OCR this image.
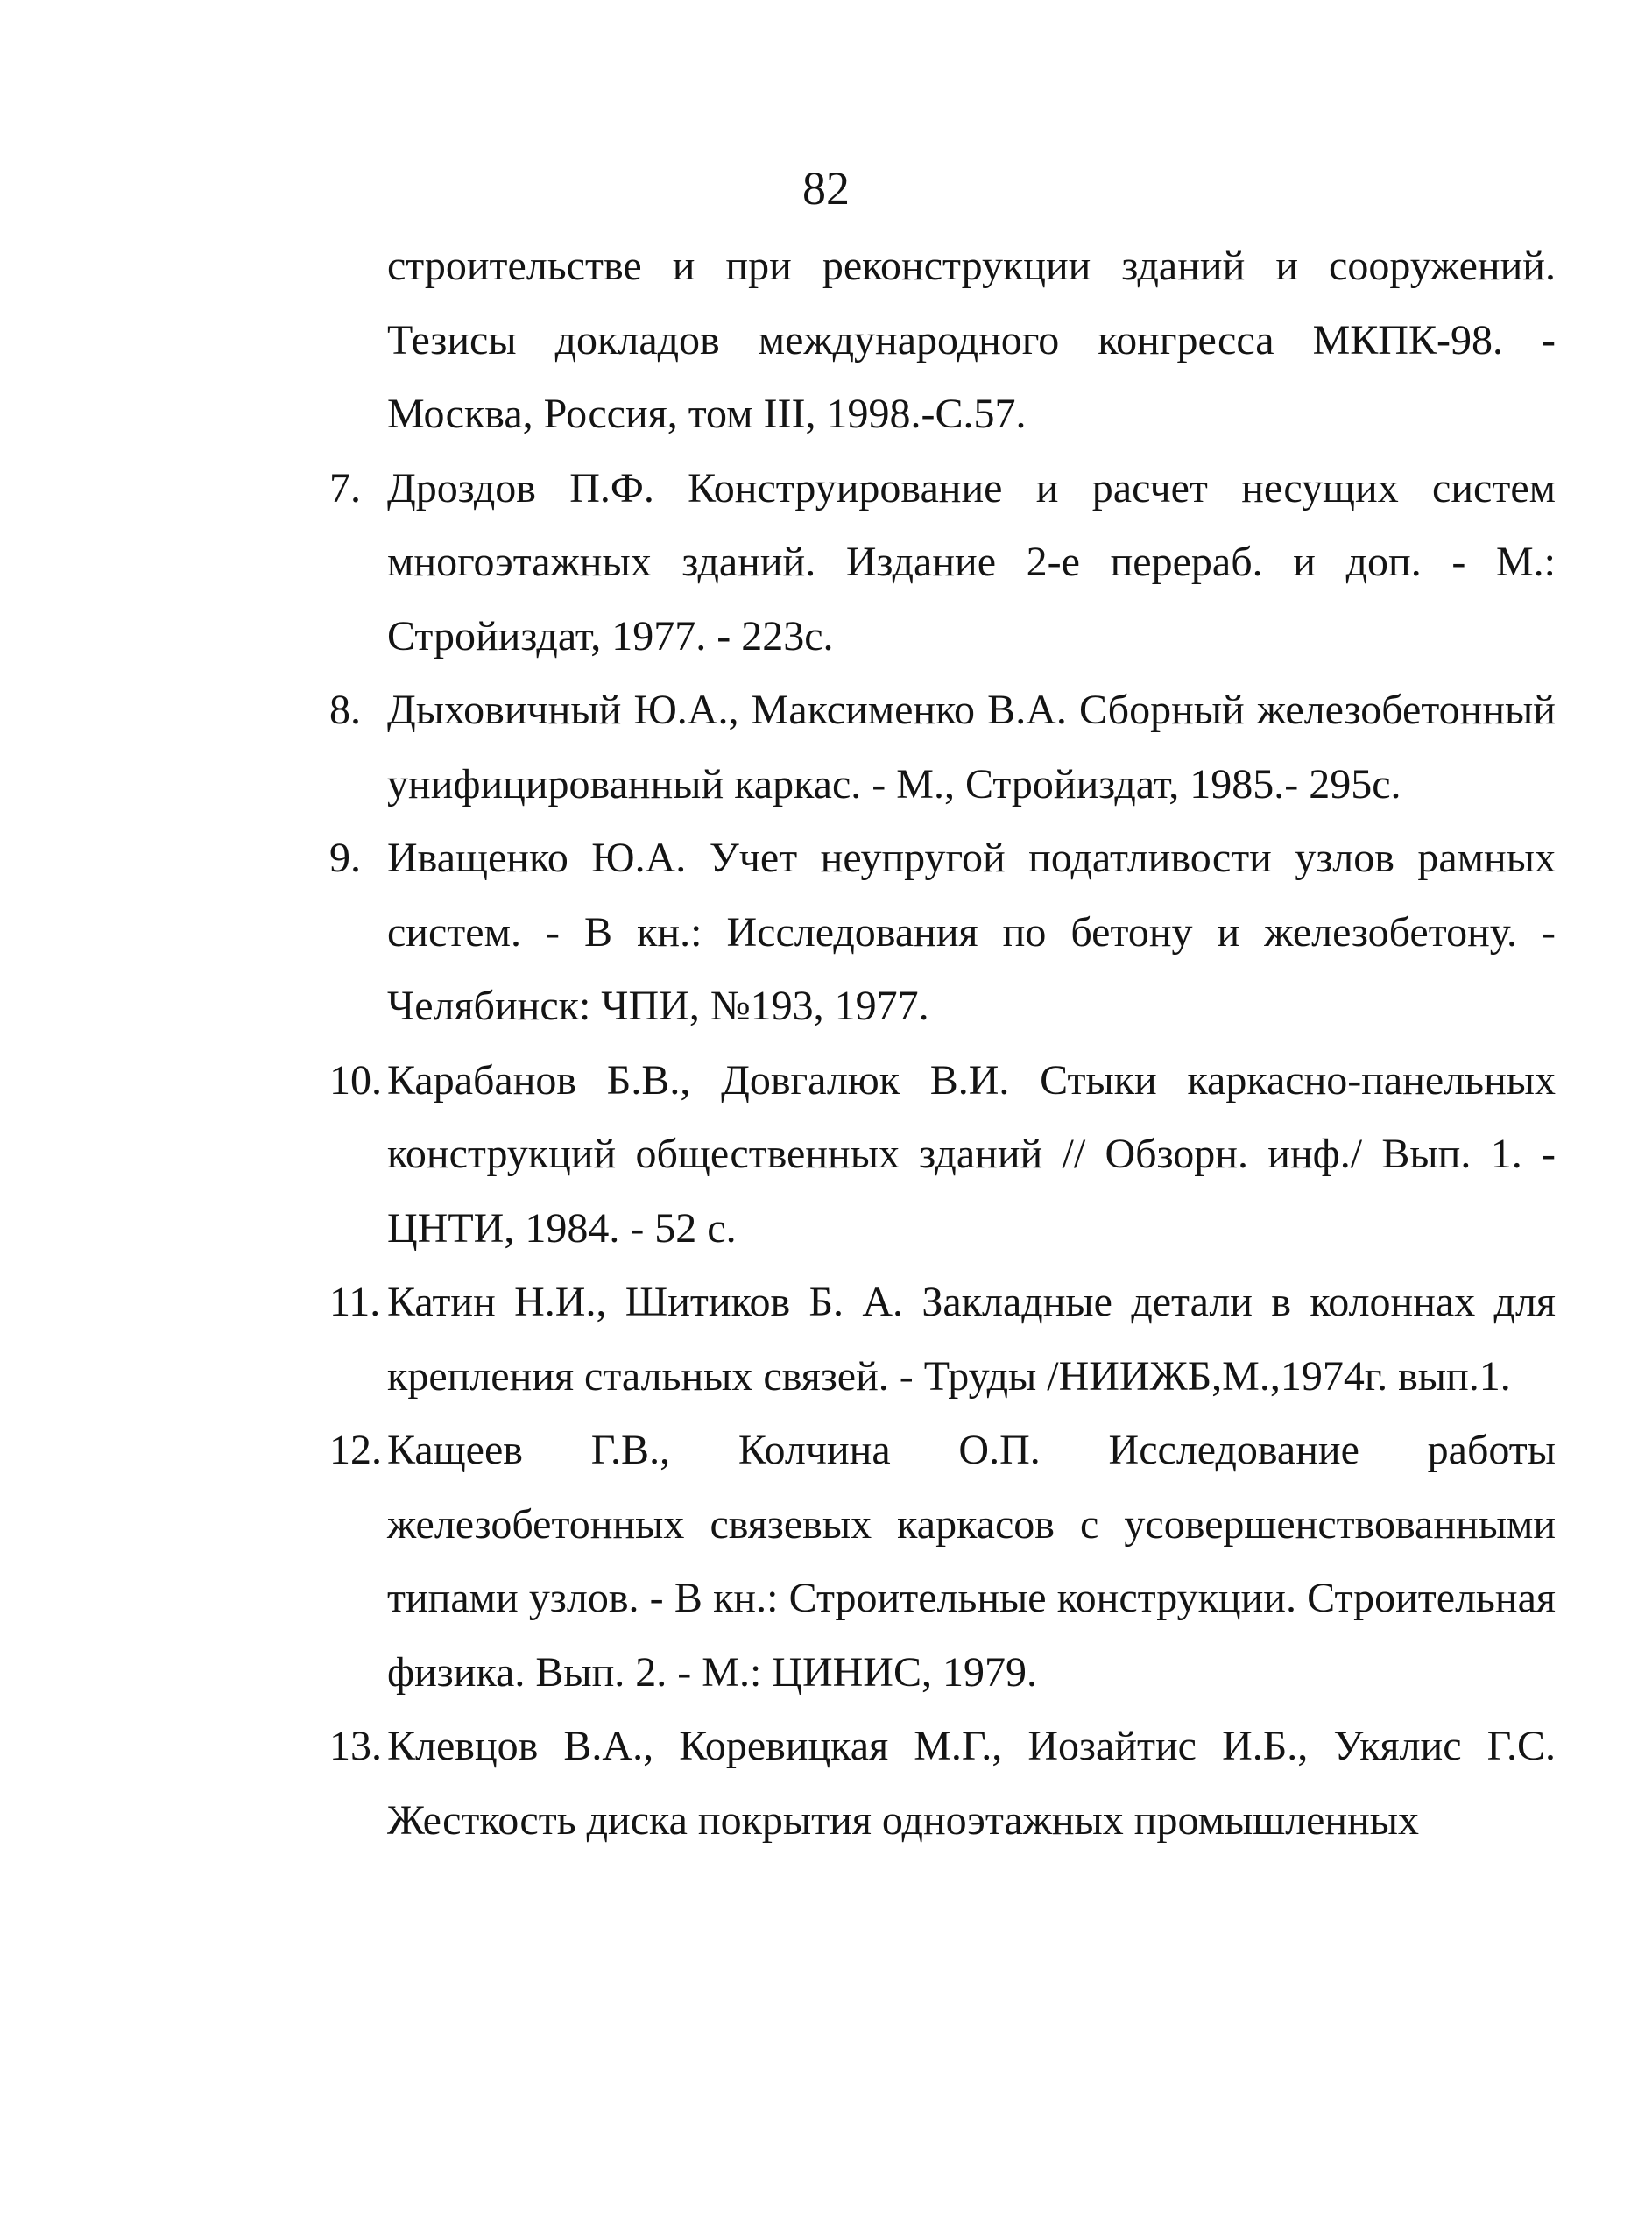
82

строительстве и при реконструкции зданий и сооружений. Тезисы докладов международного конгресса МКПК-98. - Москва, Россия, том III, 1998.-С.57.

7. Дроздов П.Ф. Конструирование и расчет несущих систем многоэтажных зданий. Издание 2-е перераб. и доп. - М.: Стройиздат, 1977. - 223с.

8. Дыховичный Ю.А., Максименко В.А. Сборный железобетонный унифицированный каркас. - М., Стройиздат, 1985.- 295с.

9. Иващенко Ю.А. Учет неупругой податливости узлов рамных систем. - В кн.: Исследования по бетону и железобетону. - Челябинск: ЧПИ, №193, 1977.

10. Карабанов Б.В., Довгалюк В.И. Стыки каркасно-панельных конструкций общественных зданий // Обзорн. инф./ Вып. 1. - ЦНТИ, 1984. - 52 с.

11. Катин Н.И., Шитиков Б. А. Закладные детали в колоннах для крепления стальных связей. - Труды /НИИЖБ,М.,1974г. вып.1.

12. Кащеев Г.В., Колчина О.П. Исследование работы железобетонных связевых каркасов с усовершенствованными типами узлов. - В кн.: Строительные конструкции. Строительная физика. Вып. 2. - М.: ЦИНИС, 1979.

13. Клевцов В.А., Коревицкая М.Г., Иозайтис И.Б., Укялис Г.С. Жесткость диска покрытия одноэтажных промышленных
